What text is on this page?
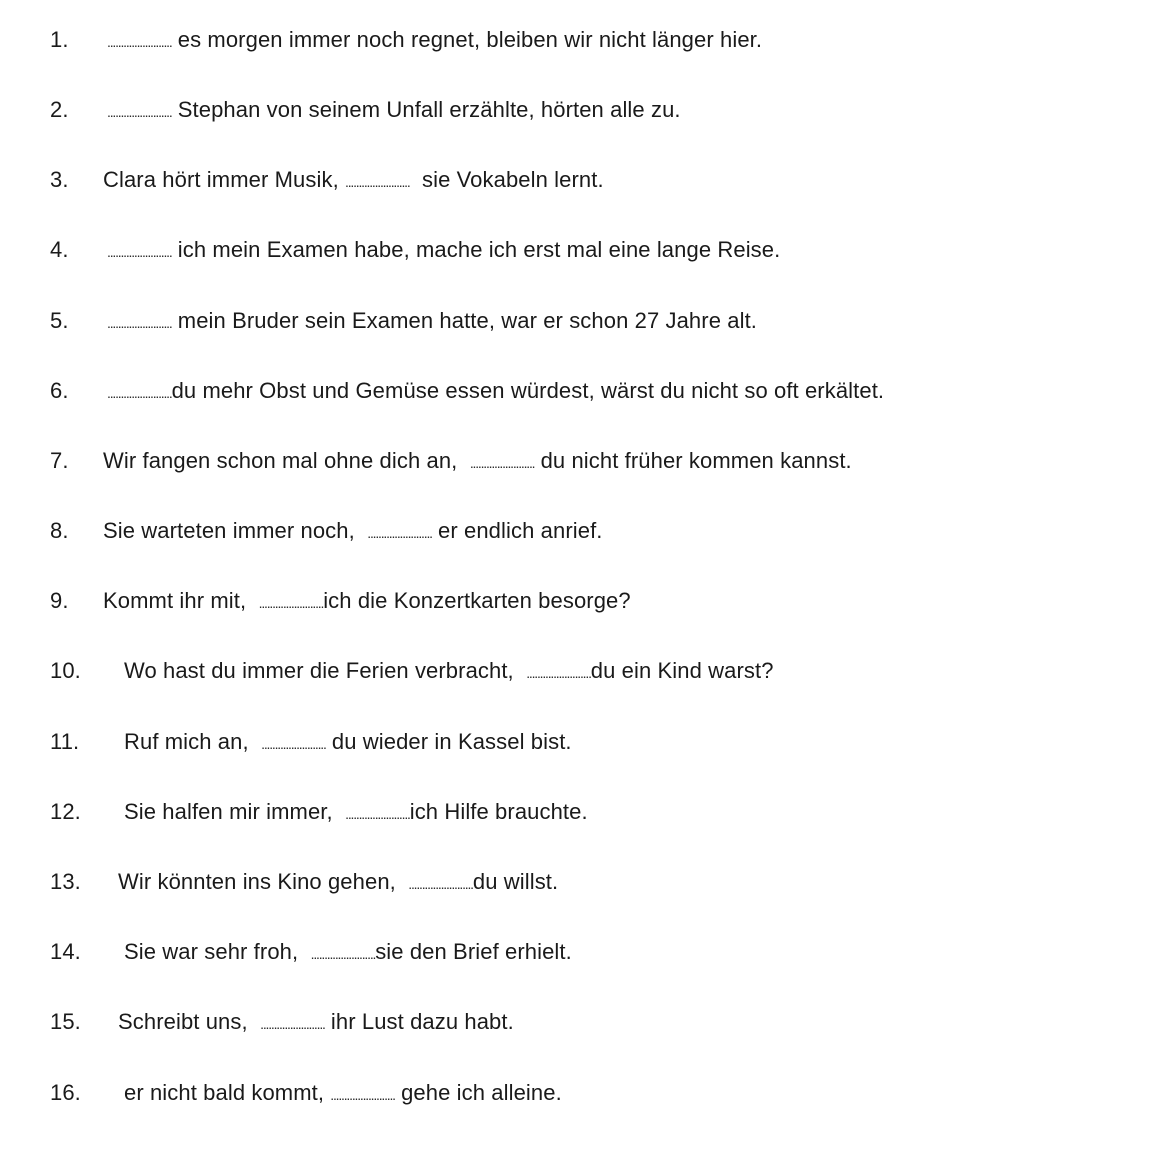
1.	........................ es morgen immer noch regnet, bleiben wir nicht länger hier.
2.	........................ Stephan von seinem Unfall erzählte, hörten alle zu.
3. Clara hört immer Musik, ........................  sie Vokabeln lernt.
4.	........................ ich mein Examen habe, mache ich erst mal eine lange Reise.
5.	........................ mein Bruder sein Examen hatte, war er schon 27 Jahre alt.
6.	........................du mehr Obst und Gemüse essen würdest, wärst du nicht so oft erkältet.
7. Wir fangen schon mal ohne dich an,  ........................ du nicht früher kommen kannst.
8. Sie warteten immer noch,  ........................ er endlich anrief.
9. Kommt ihr mit,  ........................ich die Konzertkarten besorge?
10. Wo hast du immer die Ferien verbracht,  ........................du ein Kind warst?
11. Ruf mich an,  ........................ du wieder in Kassel bist.
12. Sie halfen mir immer,  ........................ich Hilfe brauchte.
13. Wir könnten ins Kino gehen,  ........................du willst.
14. Sie war sehr froh,  ........................sie den Brief erhielt.
15. Schreibt uns,  ........................ ihr Lust dazu habt.
16. er nicht bald kommt, ........................ gehe ich alleine.
